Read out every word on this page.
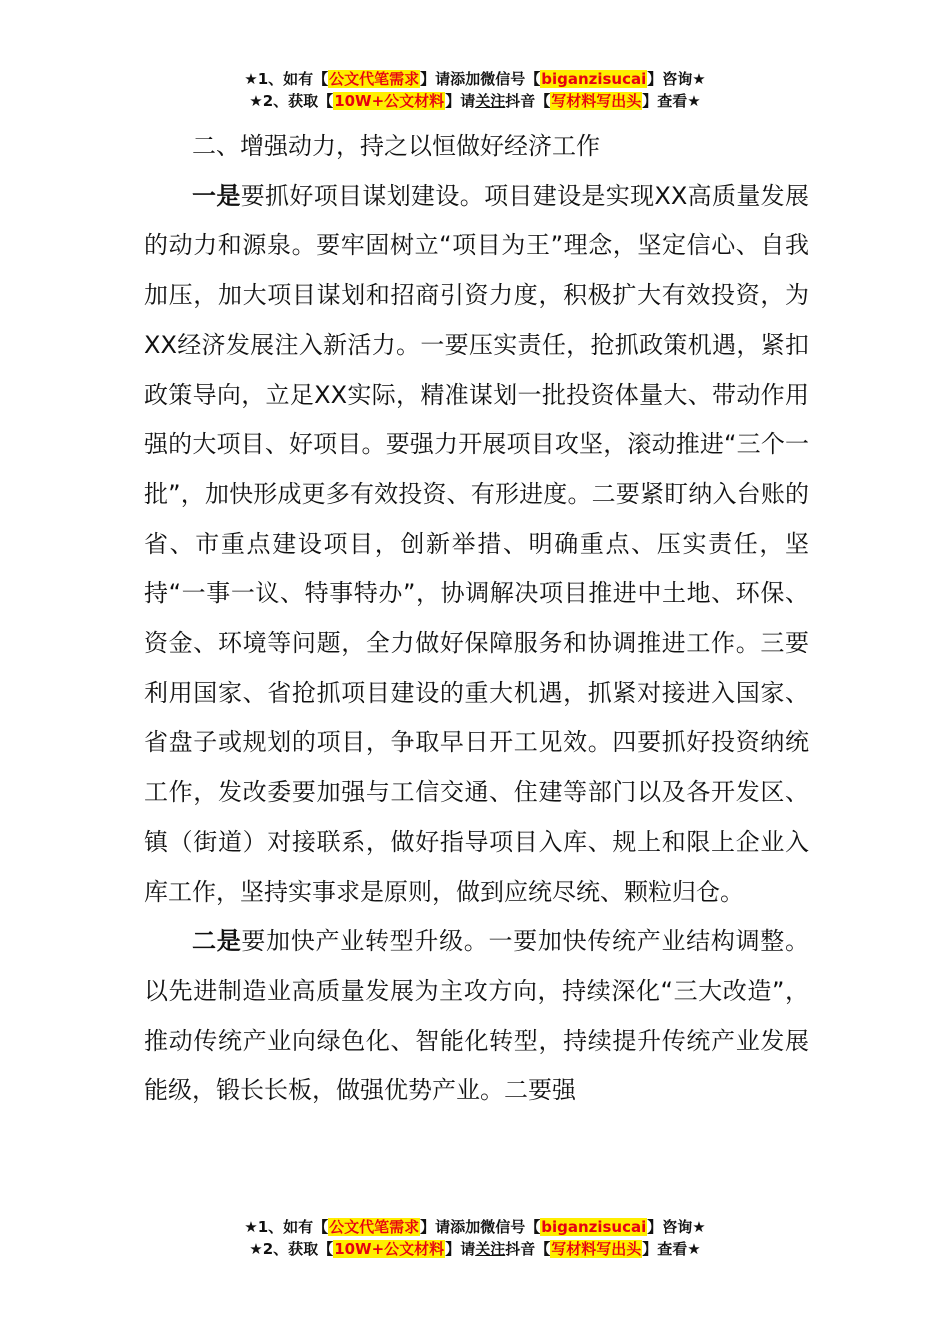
★1、如有【公文代笔需求】请添加微信号【biganzisucai】咨询★
★2、获取【10W+公文材料】请关注抖音【写材料写出头】查看★

二、增强动力，持之以恒做好经济工作

一是要抓好项目谋划建设。项目建设是实现XX高质量发展的动力和源泉。要牢固树立“项目为王”理念，坚定信心、自我加压，加大项目谋划和招商引资力度，积极扩大有效投资，为XX经济发展注入新活力。一要压实责任，抢抓政策机遇，紧扣政策导向，立足XX实际，精准谋划一批投资体量大、带动作用强的大项目、好项目。要强力开展项目攻坚，滚动推进“三个一批”，加快形成更多有效投资、有形进度。二要紧盯纳入台账的省、市重点建设项目，创新举措、明确重点、压实责任，坚持“一事一议、特事特办”，协调解决项目推进中土地、环保、资金、环境等问题，全力做好保障服务和协调推进工作。三要利用国家、省抢抓项目建设的重大机遇，抓紧对接进入国家、省盘子或规划的项目，争取早日开工见效。四要抓好投资纳统工作，发改委要加强与工信交通、住建等部门以及各开发区、镇（街道）对接联系，做好指导项目入库、规上和限上企业入库工作，坚持实事求是原则，做到应统尽统、颗粒归仓。

二是要加快产业转型升级。一要加快传统产业结构调整。以先进制造业高质量发展为主攻方向，持续深化“三大改造”，推动传统产业向绿色化、智能化转型，持续提升传统产业发展能级，锻长长板，做强优势产业。二要强

★1、如有【公文代笔需求】请添加微信号【biganzisucai】咨询★
★2、获取【10W+公文材料】请关注抖音【写材料写出头】查看★
